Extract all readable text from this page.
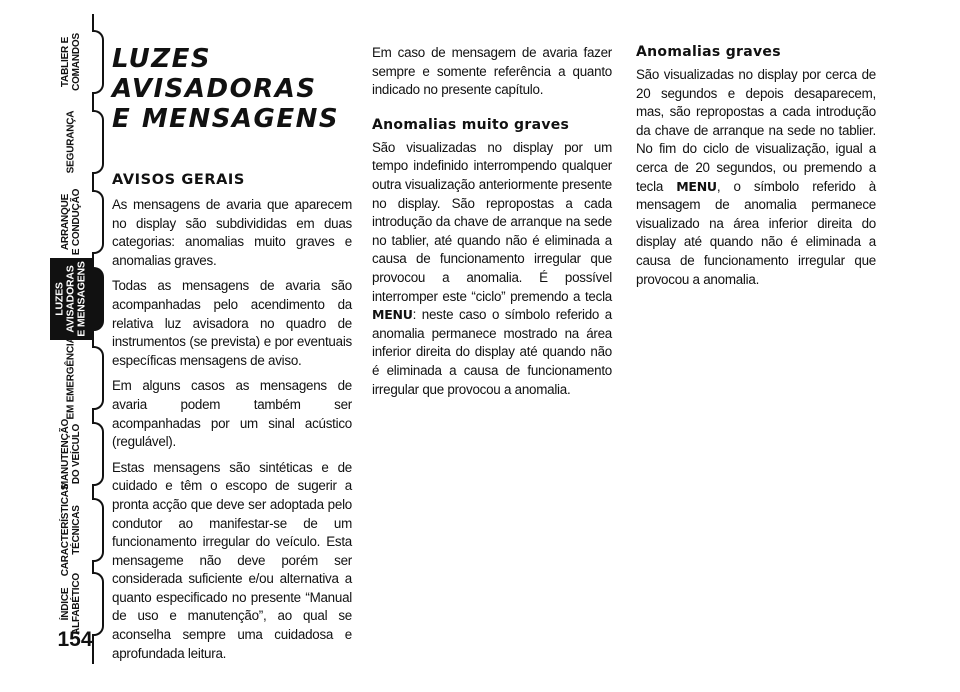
TABLIER E
COMANDOS
SEGURANÇA
ARRANQUE
E CONDUÇÃO
LUZES
AVISADORAS
E MENSAGENS
EM EMERGÊNCIA
MANUTENÇÃO
DO VEÍCULO
CARACTERÍSTICAS
TÉCNICAS
ÍNDICE
ALFABÉTICO
154
LUZES AVISADORAS
E MENSAGENS
AVISOS GERAIS

As mensagens de avaria que aparecem no display são subdivididas em duas categorias: anomalias muito graves e anomalias graves.

Todas as mensagens de avaria são acompanhadas pelo acendimento da relativa luz avisadora no quadro de instrumentos (se prevista) e por eventuais específicas mensagens de aviso.

Em alguns casos as mensagens de avaria podem também ser acompanhadas por um sinal acústico (regulável).

Estas mensagens são sintéticas e de cuidado e têm o escopo de sugerir a pronta acção que deve ser adoptada pelo condutor ao manifestar-se de um funcionamento irregular do veículo. Esta mensageme não deve porém ser considerada suficiente e/ou alternativa a quanto especificado no presente “Manual de uso e manutenção”, ao qual se aconselha sempre uma cuidadosa e aprofundada leitura.

Em caso de mensagem de avaria fazer sempre e somente referência a quanto indicado no presente capítulo.

Anomalias muito graves

São visualizadas no display por um tempo indefinido interrompendo qualquer outra visualização anteriormente presente no display. São repropostas a cada introdução da chave de arranque na sede no tablier, até quando não é eliminada a causa de funcionamento irregular que provocou a anomalia. É possível interromper este “ciclo” premendo a tecla MENU: neste caso o símbolo referido a anomalia permanece mostrado na área inferior direita do display até quando não é eliminada a causa de funcionamento irregular que provocou a anomalia.

Anomalias graves

São visualizadas no display por cerca de 20 segundos e depois desaparecem, mas, são repropostas a cada introdução da chave de arranque na sede no tablier. No fim do ciclo de visualização, igual a cerca de 20 segundos, ou premendo a tecla MENU, o símbolo referido à mensagem de anomalia permanece visualizado na área inferior direita do display até quando não é eliminada a causa de funcionamento irregular que provocou a anomalia.
